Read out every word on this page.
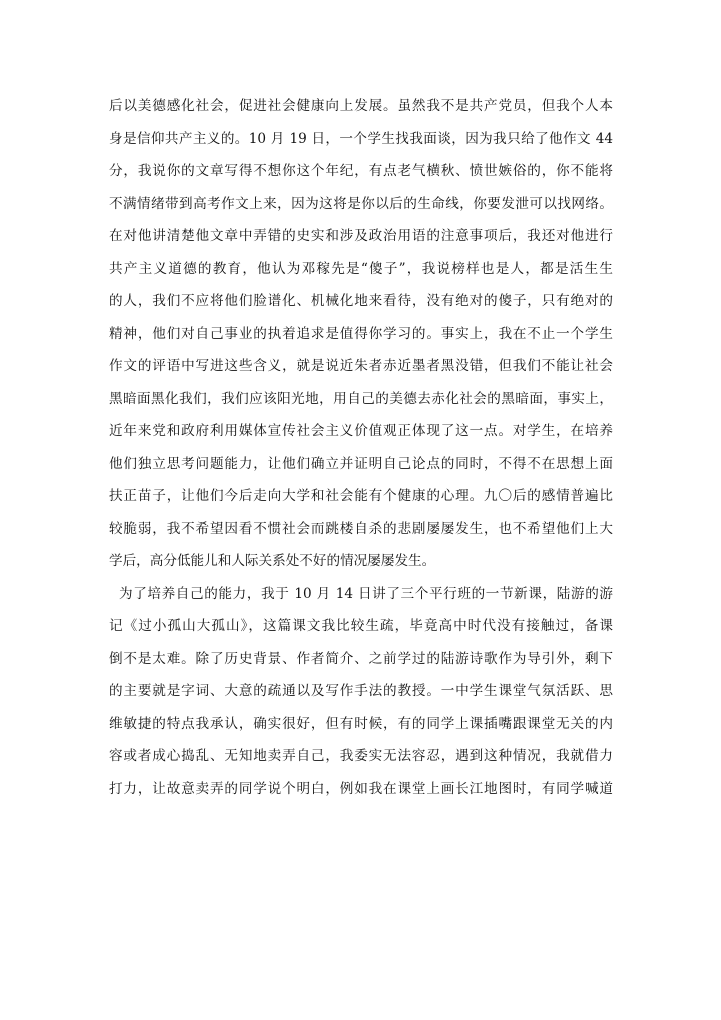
后以美德感化社会，促进社会健康向上发展。虽然我不是共产党员，但我个人本
身是信仰共产主义的。10 月 19 日，一个学生找我面谈，因为我只给了他作文 44
分，我说你的文章写得不想你这个年纪，有点老气横秋、愤世嫉俗的，你不能将
不满情绪带到高考作文上来，因为这将是你以后的生命线，你要发泄可以找网络。
在对他讲清楚他文章中弄错的史实和涉及政治用语的注意事项后，我还对他进行
共产主义道德的教育，他认为邓稼先是“傻子”，我说榜样也是人，都是活生生
的人，我们不应将他们脸谱化、机械化地来看待，没有绝对的傻子，只有绝对的
精神，他们对自己事业的执着追求是值得你学习的。事实上，我在不止一个学生
作文的评语中写进这些含义，就是说近朱者赤近墨者黑没错，但我们不能让社会
黑暗面黑化我们，我们应该阳光地，用自己的美德去赤化社会的黑暗面，事实上，
近年来党和政府利用媒体宣传社会主义价值观正体现了这一点。对学生，在培养
他们独立思考问题能力，让他们确立并证明自己论点的同时，不得不在思想上面
扶正苗子，让他们今后走向大学和社会能有个健康的心理。九〇后的感情普遍比
较脆弱，我不希望因看不惯社会而跳楼自杀的悲剧屡屡发生，也不希望他们上大
学后，高分低能儿和人际关系处不好的情况屡屡发生。
为了培养自己的能力，我于 10 月 14 日讲了三个平行班的一节新课，陆游的游
记《过小孤山大孤山》，这篇课文我比较生疏，毕竟高中时代没有接触过，备课
倒不是太难。除了历史背景、作者简介、之前学过的陆游诗歌作为导引外，剩下
的主要就是字词、大意的疏通以及写作手法的教授。一中学生课堂气氛活跃、思
维敏捷的特点我承认，确实很好，但有时候，有的同学上课插嘴跟课堂无关的内
容或者成心捣乱、无知地卖弄自己，我委实无法容忍，遇到这种情况，我就借力
打力，让故意卖弄的同学说个明白，例如我在课堂上画长江地图时，有同学喊道
